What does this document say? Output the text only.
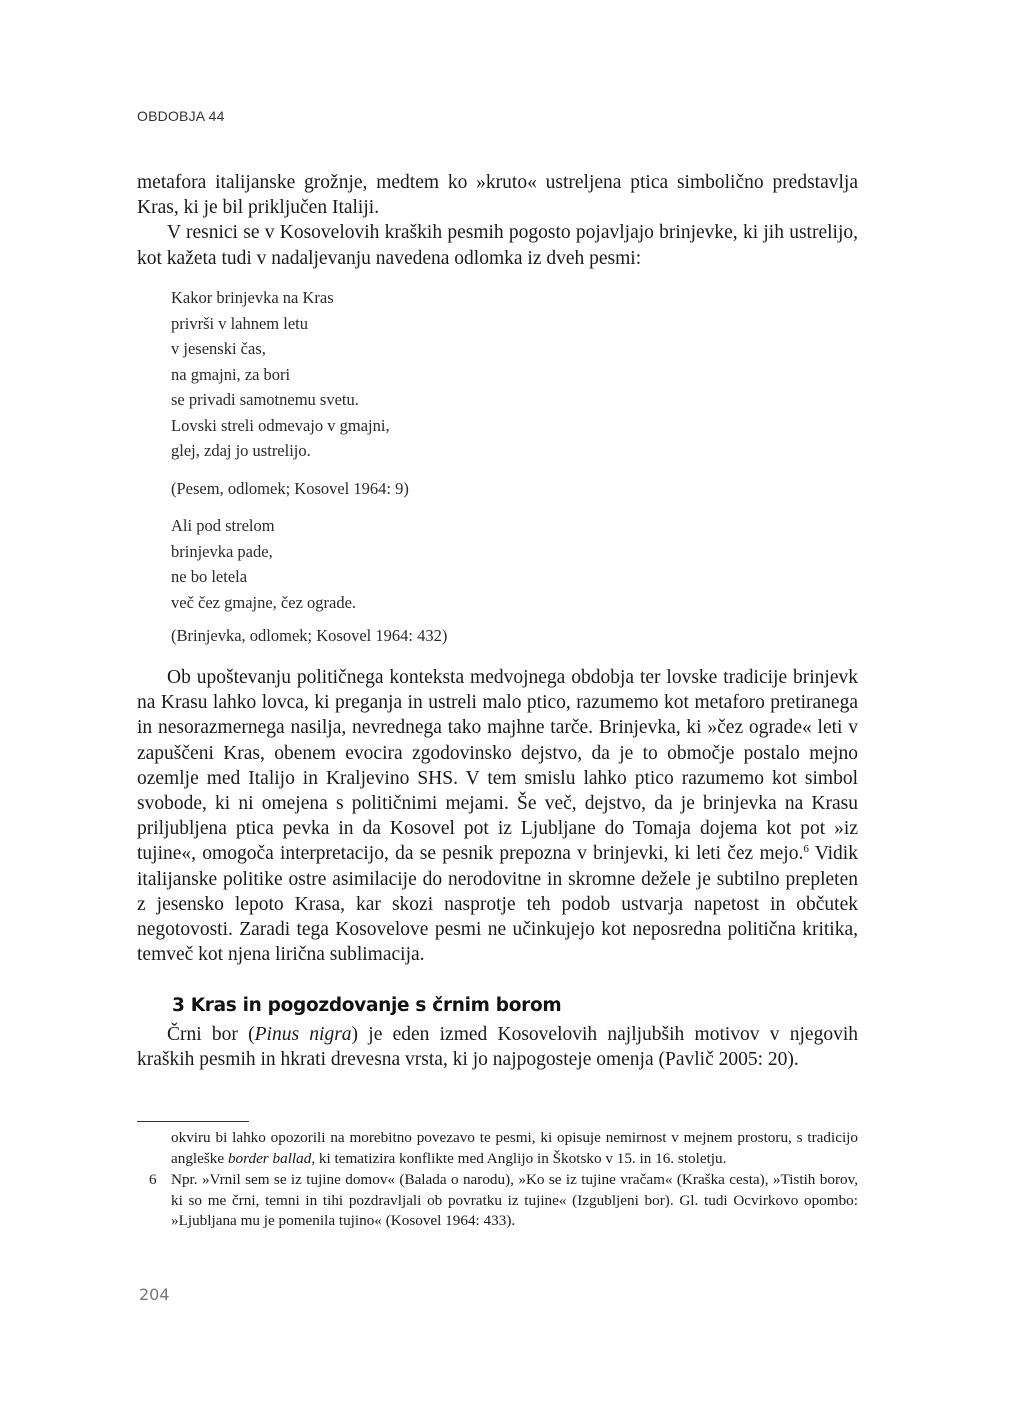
OBDOBJA 44

metafora italijanske grožnje, medtem ko »kruto« ustreljena ptica simbolično predstavlja Kras, ki je bil priključen Italiji.

V resnici se v Kosovelovih kraških pesmih pogosto pojavljajo brinjevke, ki jih ustrelijo, kot kažeta tudi v nadaljevanju navedena odlomka iz dveh pesmi:

Kakor brinjevka na Kras
privrši v lahnem letu
v jesenski čas,
na gmajni, za bori
se privadi samotnemu svetu.
Lovski streli odmevajo v gmajni,
glej, zdaj jo ustrelijo.
(Pesem, odlomek; Kosovel 1964: 9)
Ali pod strelom
brinjevka pade,
ne bo letela
več čez gmajne, čez ograde.
(Brinjevka, odlomek; Kosovel 1964: 432)

Ob upoštevanju političnega konteksta medvojnega obdobja ter lovske tradicije brinjevk na Krasu lahko lovca, ki preganja in ustreli malo ptico, razumemo kot metaforo pretiranega in nesorazmernega nasilja, nevrednega tako majhne tarče. Brinjevka, ki »čez ograde« leti v zapuščeni Kras, obenem evocira zgodovinsko dejstvo, da je to območje postalo mejno ozemlje med Italijo in Kraljevino SHS. V tem smislu lahko ptico razumemo kot simbol svobode, ki ni omejena s političnimi mejami. Še več, dejstvo, da je brinjevka na Krasu priljubljena ptica pevka in da Kosovel pot iz Ljubljane do Tomaja dojema kot pot »iz tujine«, omogoča interpretacijo, da se pesnik prepozna v brinjevki, ki leti čez mejo.$^6$ Vidik italijanske politike ostre asimilacije do nerodovitne in skromne dežele je subtilno prepleten z jesensko lepoto Krasa, kar skozi nasprotje teh podob ustvarja napetost in občutek negotovosti. Zaradi tega Kosovelove pesmi ne učinkujejo kot neposredna politična kritika, temveč kot njena lirična sublimacija.

3 Kras in pogozdovanje s črnim borom

Črni bor (Pinus nigra) je eden izmed Kosovelovih najljubših motivov v njegovih kraških pesmih in hkrati drevesna vrsta, ki jo najpogosteje omenja (Pavlič 2005: 20).

okviru bi lahko opozorili na morebitno povezavo te pesmi, ki opisuje nemirnost v mejnem prostoru, s tradicijo angleške border ballad, ki tematizira konflikte med Anglijo in Škotsko v 15. in 16. stoletju.
6 Npr. »Vrnil sem se iz tujine domov« (Balada o narodu), »Ko se iz tujine vračam« (Kraška cesta), »Tistih borov, ki so me črni, temni in tihi pozdravljali ob povratku iz tujine« (Izgubljeni bor). Gl. tudi Ocvirkovo opombo: »Ljubljana mu je pomenila tujino« (Kosovel 1964: 433).
204
